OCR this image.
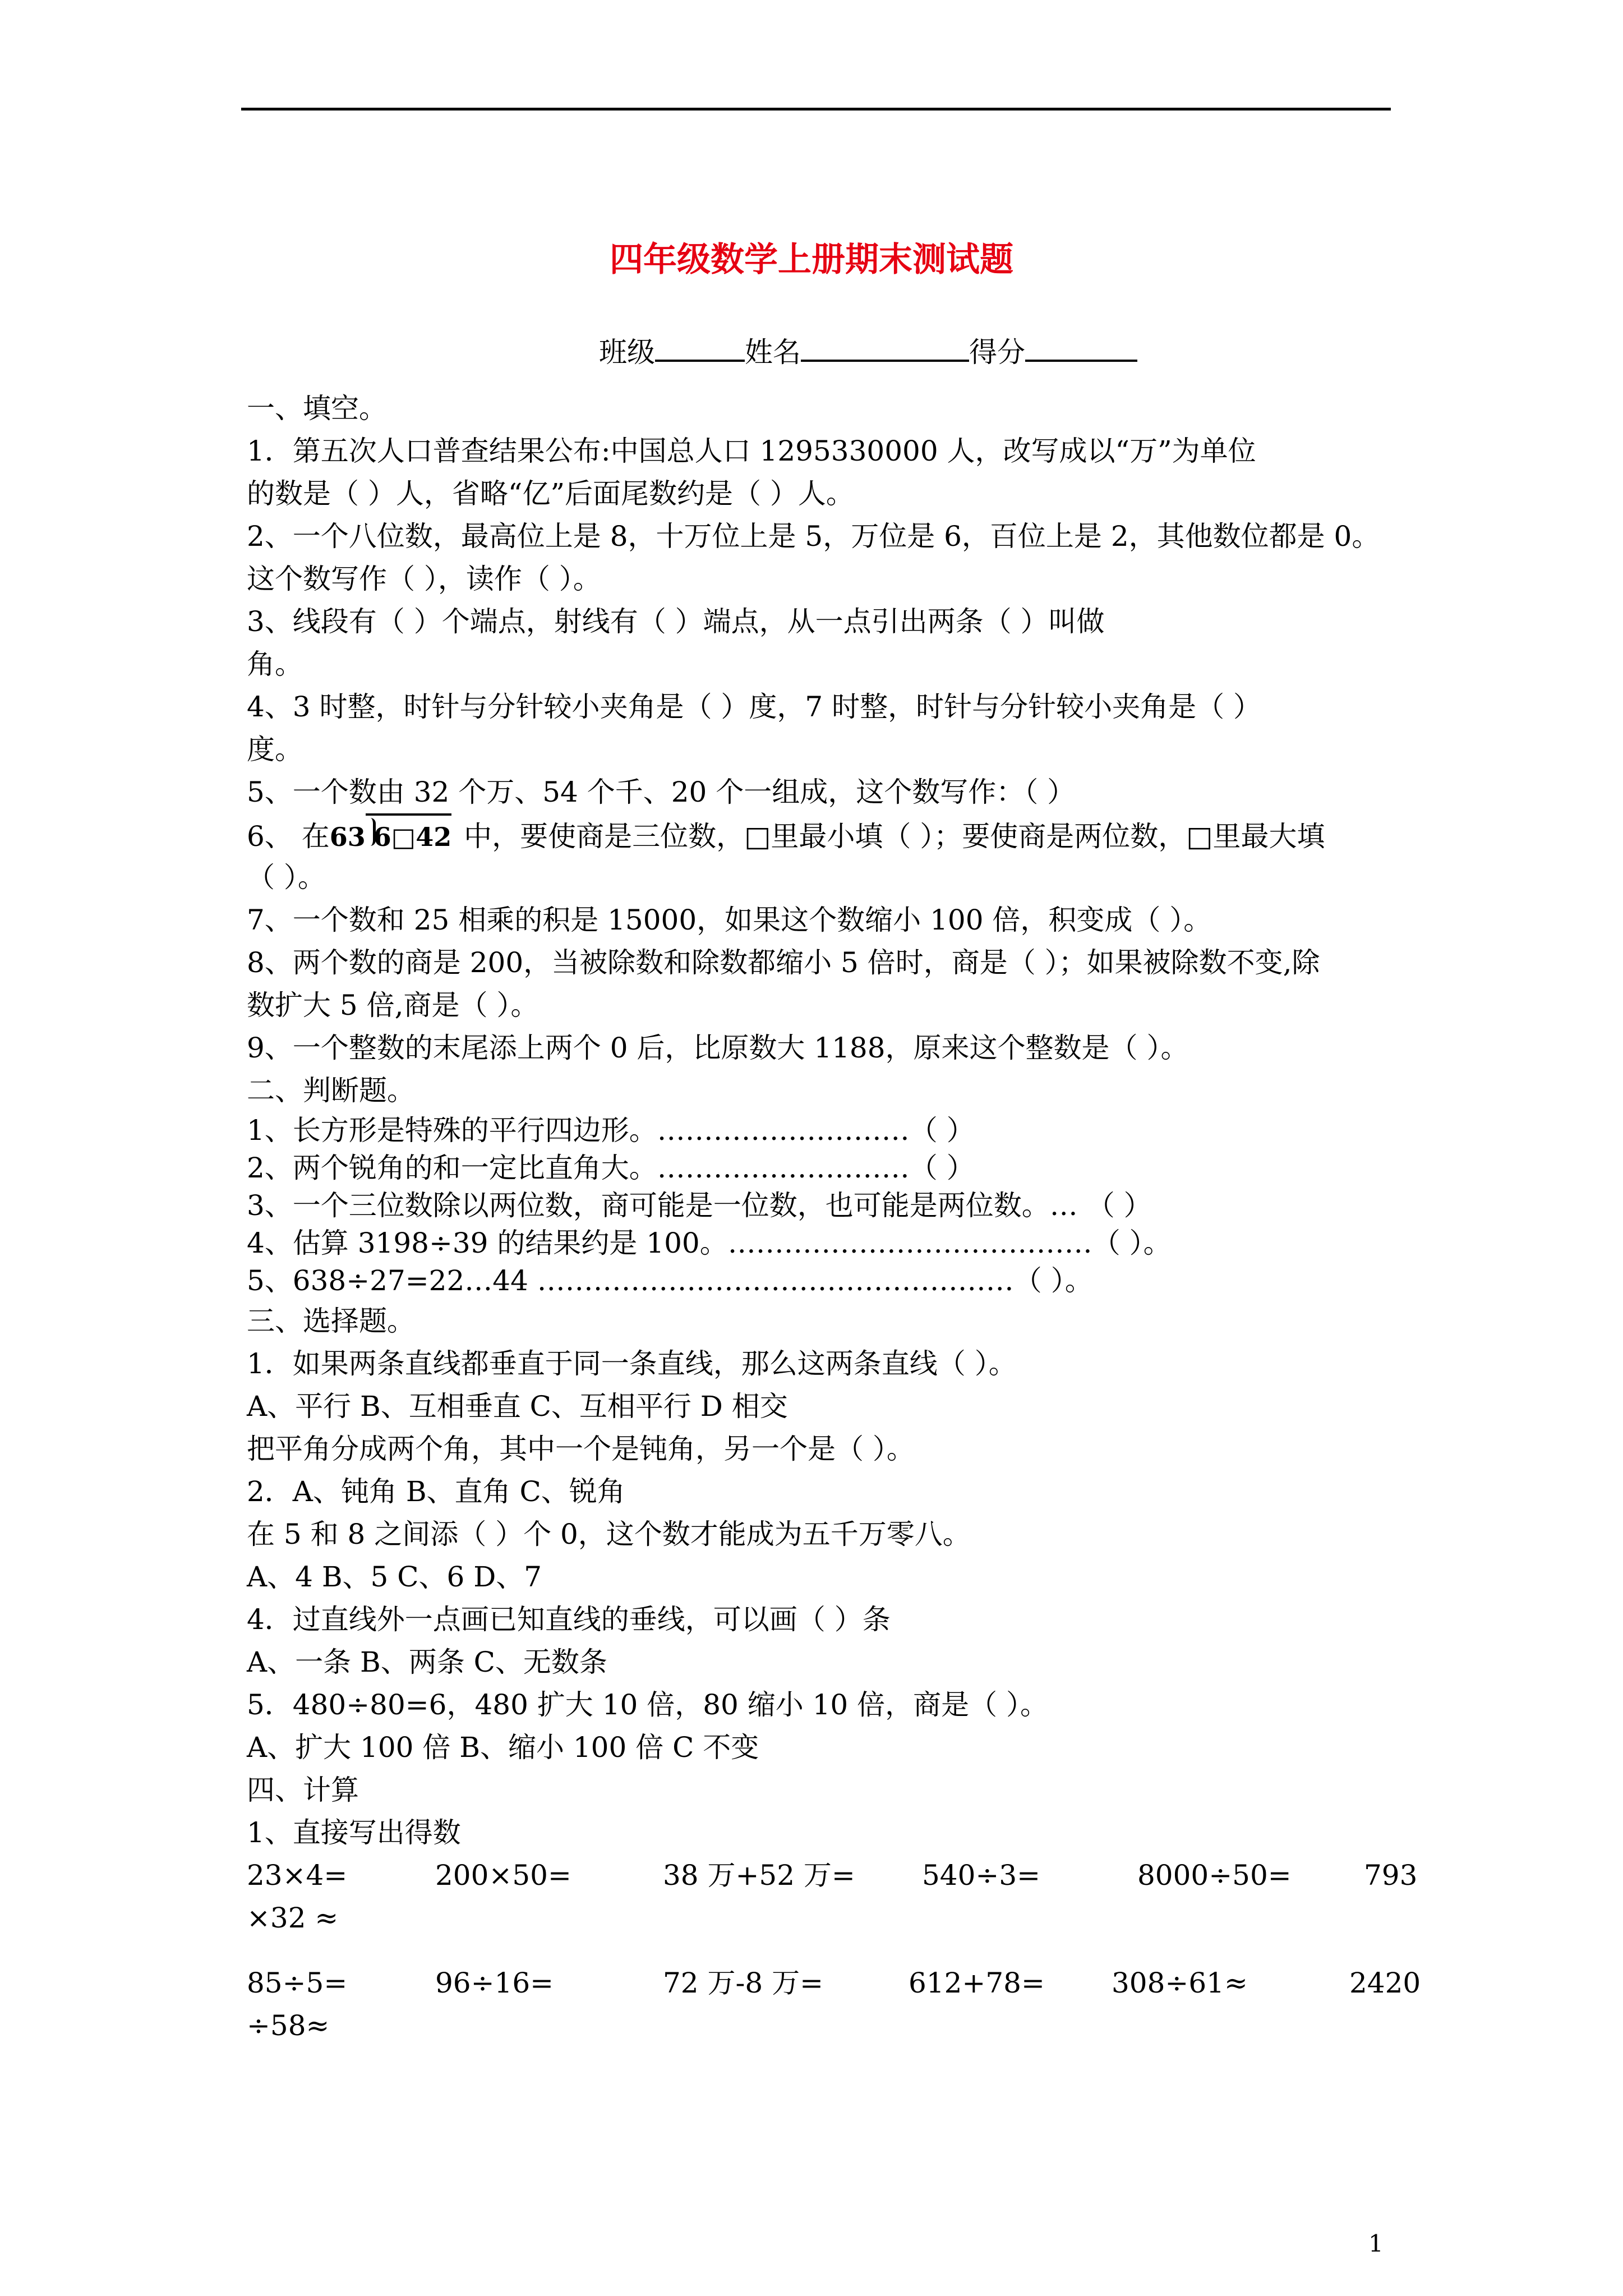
四年级数学上册期末测试题
班级	姓名	得分
一、填空。
1．第五次人口普查结果公布:中国总人口 1295330000 人，改写成以“万”为单位
的数是（ ）人，省略“亿”后面尾数约是（ ）人。
2、一个八位数，最高位上是 8，十万位上是 5，万位是 6，百位上是 2，其他数位都是 0。
这个数写作（ ），读作（ ）。
3、线段有（ ）个端点，射线有（ ）端点，从一点引出两条（ ）叫做
角。
4、3 时整，时针与分针较小夹角是（ ）度，7 时整，时针与分针较小夹角是（ ）
度。
5、一个数由 32 个万、54 个千、20 个一组成，这个数写作：（ ）
6、 在63 6□42 中，要使商是三位数，□里最小填（ ）；要使商是两位数，□里最大填
（ ）。
7、一个数和 25 相乘的积是 15000，如果这个数缩小 100 倍，积变成（ ）。
8、两个数的商是 200，当被除数和除数都缩小 5 倍时，商是（ ）；如果被除数不变,除
数扩大 5 倍,商是（ ）。
9、一个整数的末尾添上两个 0 后，比原数大 1188，原来这个整数是（ ）。
二、判断题。
1、长方形是特殊的平行四边形。………………………（ ）
2、两个锐角的和一定比直角大。………………………（ ）
3、一个三位数除以两位数，商可能是一位数，也可能是两位数。… （ ）
4、估算 3198÷39 的结果约是 100。…………………………………（ ）。
5、638÷27=22…44 ……………………………………………（ ）。
三、选择题。
1．如果两条直线都垂直于同一条直线，那么这两条直线（ ）。
A、平行 B、互相垂直 C、互相平行 D 相交
把平角分成两个角，其中一个是钝角，另一个是（ ）。
2．A、钝角 B、直角 C、锐角
在 5 和 8 之间添（ ）个 0，这个数才能成为五千万零八。
A、4 B、5 C、6 D、7
4．过直线外一点画已知直线的垂线，可以画（ ）条
A、一条 B、两条 C、无数条
5．480÷80=6，480 扩大 10 倍，80 缩小 10 倍，商是（ ）。
A、扩大 100 倍 B、缩小 100 倍 C 不变
四、计算
1、直接写出得数
23×4=	200×50=	38 万+52 万= 540÷3=	8000÷50=	793
×32 ≈
85÷5=	96÷16=	72 万-8 万=	612+78= 308÷61≈	2420
÷58≈
1
